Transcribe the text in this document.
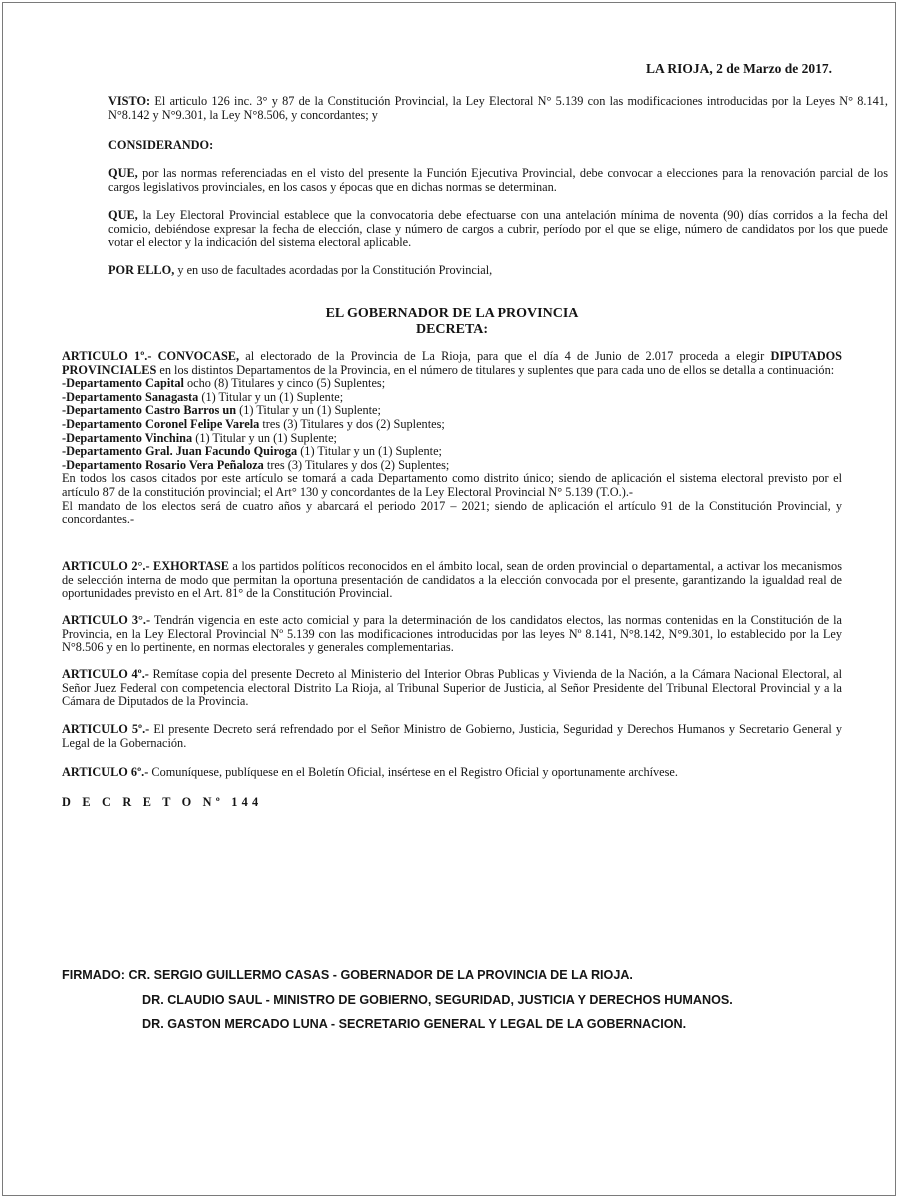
LA RIOJA, 2 de Marzo de 2017.
VISTO: El articulo 126 inc. 3° y 87 de la Constitución Provincial, la Ley Electoral N° 5.139 con las modificaciones introducidas por la Leyes N° 8.141, N°8.142 y N°9.301, la Ley N°8.506, y concordantes; y
CONSIDERANDO:
QUE, por las normas referenciadas en el visto del presente la Función Ejecutiva Provincial, debe convocar a elecciones para la renovación parcial de los cargos legislativos provinciales, en los casos y épocas que en dichas normas se determinan.
QUE, la Ley Electoral Provincial establece que la convocatoria debe efectuarse con una antelación mínima de noventa (90) días corridos a la fecha del comicio, debiéndose expresar la fecha de elección, clase y número de cargos a cubrir, período por el que se elige, número de candidatos por los que puede votar el elector y la indicación del sistema electoral aplicable.
POR ELLO, y en uso de facultades acordadas por la Constitución Provincial,
EL GOBERNADOR DE LA PROVINCIA
DECRETA:
ARTICULO 1º.- CONVOCASE, al electorado de la Provincia de La Rioja, para que el día 4 de Junio de 2.017 proceda a elegir DIPUTADOS PROVINCIALES en los distintos Departamentos de la Provincia, en el número de titulares y suplentes que para cada uno de ellos se detalla a continuación:
-Departamento Capital ocho (8) Titulares y cinco (5) Suplentes;
-Departamento Sanagasta (1) Titular y un (1) Suplente;
-Departamento Castro Barros un (1) Titular y un (1) Suplente;
-Departamento Coronel Felipe Varela tres (3) Titulares y dos (2) Suplentes;
-Departamento Vinchina (1) Titular y un (1) Suplente;
-Departamento Gral. Juan Facundo Quiroga (1) Titular y un (1) Suplente;
-Departamento Rosario Vera Peñaloza tres (3) Titulares y dos (2) Suplentes;
En todos los casos citados por este artículo se tomará a cada Departamento como distrito único; siendo de aplicación el sistema electoral previsto por el artículo 87 de la constitución provincial; el Art° 130 y concordantes de la Ley Electoral Provincial N° 5.139 (T.O.).-
El mandato de los electos será de cuatro años y abarcará el periodo 2017 – 2021; siendo de aplicación el artículo 91 de la Constitución Provincial, y concordantes.-
ARTICULO 2°.- EXHORTASE a los partidos políticos reconocidos en el ámbito local, sean de orden provincial o departamental, a activar los mecanismos de selección interna de modo que permitan la oportuna presentación de candidatos a la elección convocada por el presente, garantizando la igualdad real de oportunidades previsto en el Art. 81° de la Constitución Provincial.
ARTICULO 3°.- Tendrán vigencia en este acto comicial y para la determinación de los candidatos electos, las normas contenidas en la Constitución de la Provincia, en la Ley Electoral Provincial Nº 5.139 con las modificaciones introducidas por las leyes Nº 8.141, N°8.142, N°9.301, lo establecido por la Ley N°8.506 y en lo pertinente, en normas electorales y generales complementarias.
ARTICULO 4º.- Remítase copia del presente Decreto al Ministerio del Interior Obras Publicas y Vivienda de la Nación, a la Cámara Nacional Electoral, al Señor Juez Federal con competencia electoral Distrito La Rioja, al Tribunal Superior de Justicia, al Señor Presidente del Tribunal Electoral Provincial y a la Cámara de Diputados de la Provincia.
ARTICULO 5º.- El presente Decreto será refrendado por el Señor Ministro de Gobierno, Justicia, Seguridad y Derechos Humanos y Secretario General y Legal de la Gobernación.
ARTICULO 6º.- Comuníquese, publíquese en el Boletín Oficial, insértese en el Registro Oficial y oportunamente archívese.
D E C R E T O Nº 144
FIRMADO: CR. SERGIO GUILLERMO CASAS - GOBERNADOR DE LA PROVINCIA DE LA RIOJA.
DR. CLAUDIO SAUL - MINISTRO DE GOBIERNO, SEGURIDAD, JUSTICIA Y DERECHOS HUMANOS.
DR. GASTON MERCADO LUNA - SECRETARIO GENERAL Y LEGAL DE LA GOBERNACION.
